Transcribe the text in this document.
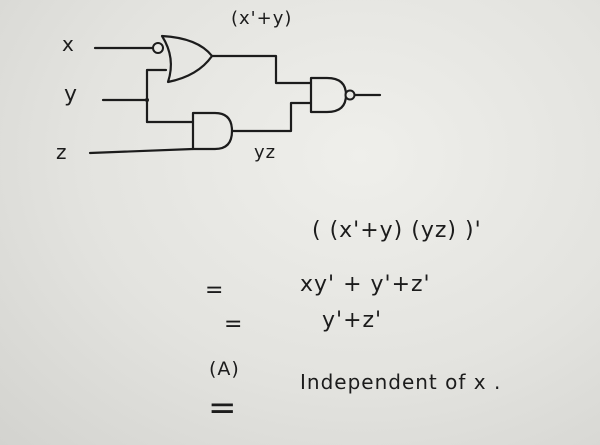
x
y
z
(x'+y)
yz
( (x'+y) (yz) )'
=	xy' + y'+z'
=	y'+z'
(A)
Independent of x .
=
